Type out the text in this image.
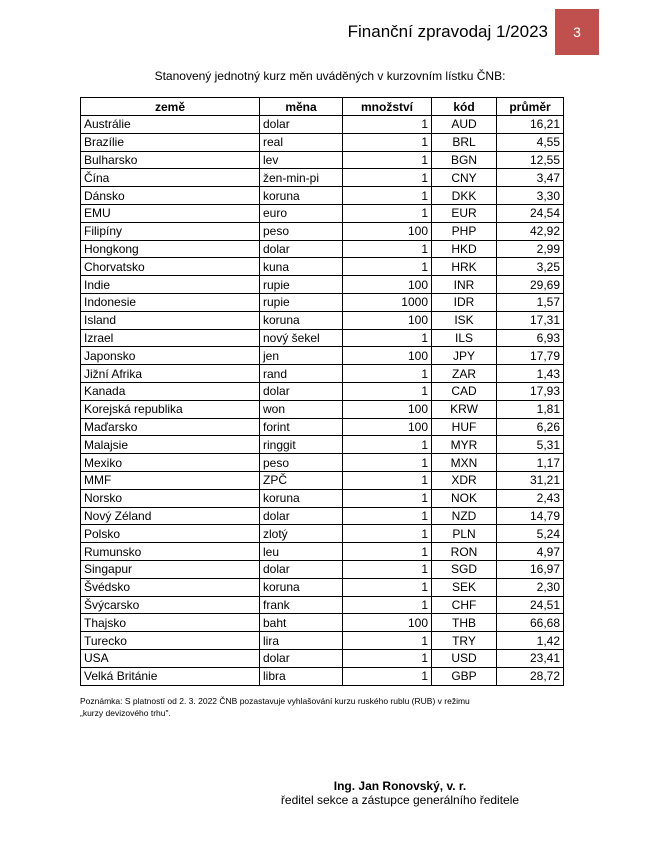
Finanční zpravodaj 1/2023 3
Stanovený jednotný kurz měn uváděných v kurzovním lístku ČNB:
země	měna	množství	kód	průměr
Austrálie	dolar	1	AUD	16,21
Brazílie	real	1	BRL	4,55
Bulharsko	lev	1	BGN	12,55
Čína	žen-min-pi	1	CNY	3,47
Dánsko	koruna	1	DKK	3,30
EMU	euro	1	EUR	24,54
Filipíny	peso	100	PHP	42,92
Hongkong	dolar	1	HKD	2,99
Chorvatsko	kuna	1	HRK	3,25
Indie	rupie	100	INR	29,69
Indonesie	rupie	1000	IDR	1,57
Island	koruna	100	ISK	17,31
Izrael	nový šekel	1	ILS	6,93
Japonsko	jen	100	JPY	17,79
Jižní Afrika	rand	1	ZAR	1,43
Kanada	dolar	1	CAD	17,93
Korejská republika	won	100	KRW	1,81
Maďarsko	forint	100	HUF	6,26
Malajsie	ringgit	1	MYR	5,31
Mexiko	peso	1	MXN	1,17
MMF	ZPČ	1	XDR	31,21
Norsko	koruna	1	NOK	2,43
Nový Zéland	dolar	1	NZD	14,79
Polsko	zlotý	1	PLN	5,24
Rumunsko	leu	1	RON	4,97
Singapur	dolar	1	SGD	16,97
Švédsko	koruna	1	SEK	2,30
Švýcarsko	frank	1	CHF	24,51
Thajsko	baht	100	THB	66,68
Turecko	lira	1	TRY	1,42
USA	dolar	1	USD	23,41
Velká Británie	libra	1	GBP	28,72
Poznámka: S platností od 2. 3. 2022 ČNB pozastavuje vyhlašování kurzu ruského rublu (RUB) v režimu
„kurzy devizového trhu".
Ing. Jan Ronovský, v. r.
ředitel sekce a zástupce generálního ředitele
